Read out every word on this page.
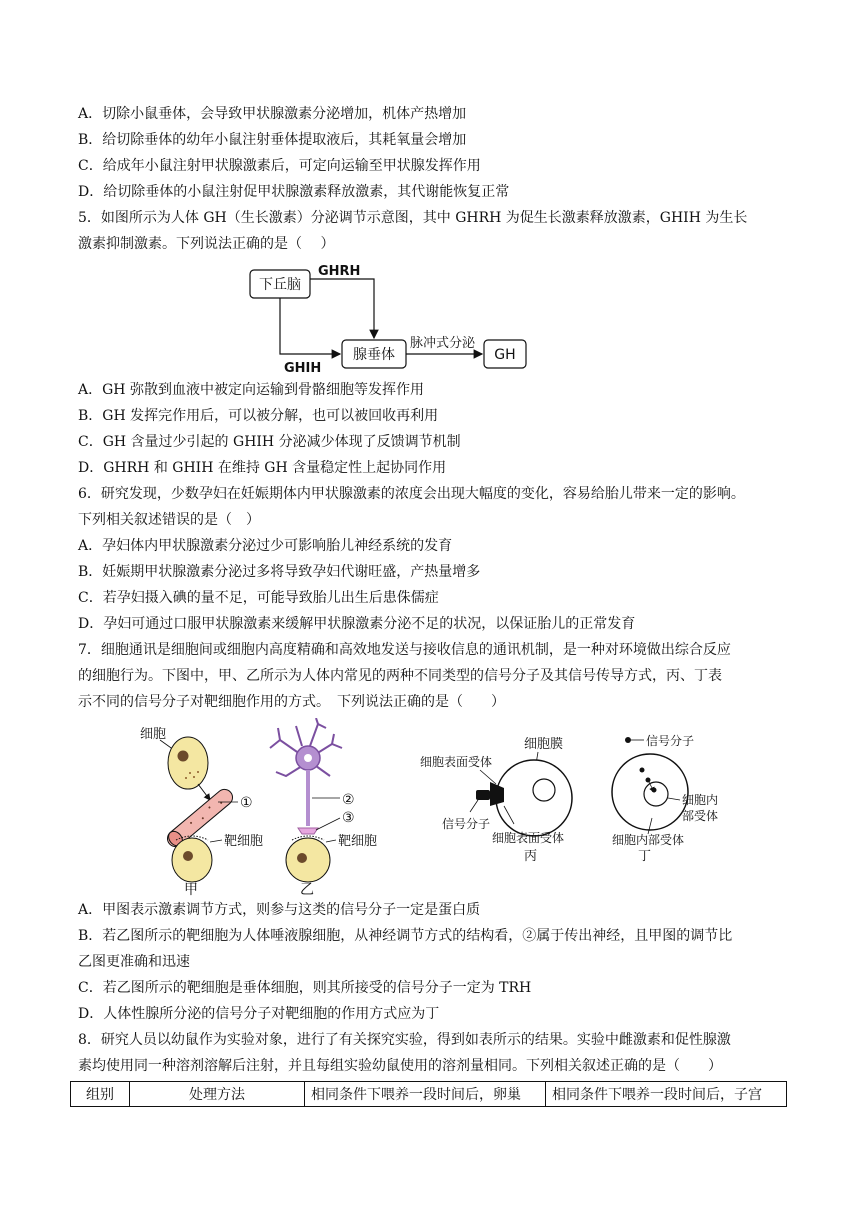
A．切除小鼠垂体，会导致甲状腺激素分泌增加，机体产热增加
B．给切除垂体的幼年小鼠注射垂体提取液后，其耗氧量会增加
C．给成年小鼠注射甲状腺激素后，可定向运输至甲状腺发挥作用
D．给切除垂体的小鼠注射促甲状腺激素释放激素，其代谢能恢复正常
5．如图所示为人体 GH（生长激素）分泌调节示意图，其中 GHRH 为促生长激素释放激素，GHIH 为生长
激素抑制激素。下列说法正确的是（　 ）
下丘脑
腺垂体	GH
GHRH
GHIH
脉冲式分泌
A．GH 弥散到血液中被定向运输到骨骼细胞等发挥作用
B．GH 发挥完作用后，可以被分解，也可以被回收再利用
C．GH 含量过少引起的 GHIH 分泌减少体现了反馈调节机制
D．GHRH 和 GHIH 在维持 GH 含量稳定性上起协同作用
6．研究发现，少数孕妇在妊娠期体内甲状腺激素的浓度会出现大幅度的变化，容易给胎儿带来一定的影响。
下列相关叙述错误的是（　）
A．孕妇体内甲状腺激素分泌过少可影响胎儿神经系统的发育
B．妊娠期甲状腺激素分泌过多将导致孕妇代谢旺盛，产热量增多
C．若孕妇摄入碘的量不足，可能导致胎儿出生后患侏儒症
D．孕妇可通过口服甲状腺激素来缓解甲状腺激素分泌不足的状况，以保证胎儿的正常发育
7．细胞通讯是细胞间或细胞内高度精确和高效地发送与接收信息的通讯机制，是一种对环境做出综合反应
的细胞行为。下图中，甲、乙所示为人体内常见的两种不同类型的信号分子及其信号传导方式，丙、丁表
示不同的信号分子对靶细胞作用的方式。　下列说法正确的是（　　）
细胞
①
靶细胞
甲
②
③
靶细胞
乙
细胞膜
细胞表面受体
信号分子
细胞表面受体
丙
信号分子
细胞内
部受体
细胞内部受体
丁
A．甲图表示激素调节方式，则参与这类的信号分子一定是蛋白质
B．若乙图所示的靶细胞为人体唾液腺细胞，从神经调节方式的结构看，②属于传出神经，且甲图的调节比
乙图更准确和迅速
C．若乙图所示的靶细胞是垂体细胞，则其所接受的信号分子一定为 TRH
D．人体性腺所分泌的信号分子对靶细胞的作用方式应为丁
8．研究人员以幼鼠作为实验对象，进行了有关探究实验，得到如表所示的结果。实验中雌激素和促性腺激
素均使用同一种溶剂溶解后注射，并且每组实验幼鼠使用的溶剂量相同。下列相关叙述正确的是（　　）
组别	处理方法	相同条件下喂养一段时间后，卵巢	相同条件下喂养一段时间后，子宫
